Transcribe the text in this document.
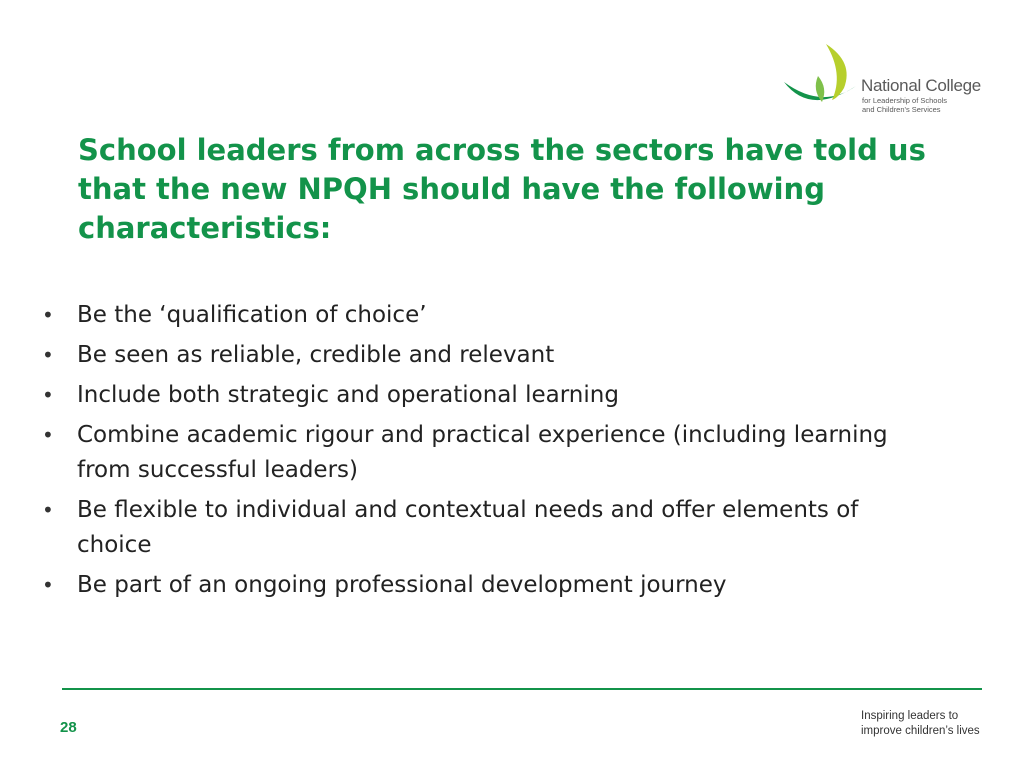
National College
for Leadership of Schools
and Children's Services
School leaders from across the sectors have told us that the new NPQH should have the following characteristics:
• Be the ‘qualification of choice’
• Be seen as reliable, credible and relevant
• Include both strategic and operational learning
• Combine academic rigour and practical experience (including learning from successful leaders)
• Be flexible to individual and contextual needs and offer elements of choice
• Be part of an ongoing professional development journey
28
Inspiring leaders to
improve children’s lives
